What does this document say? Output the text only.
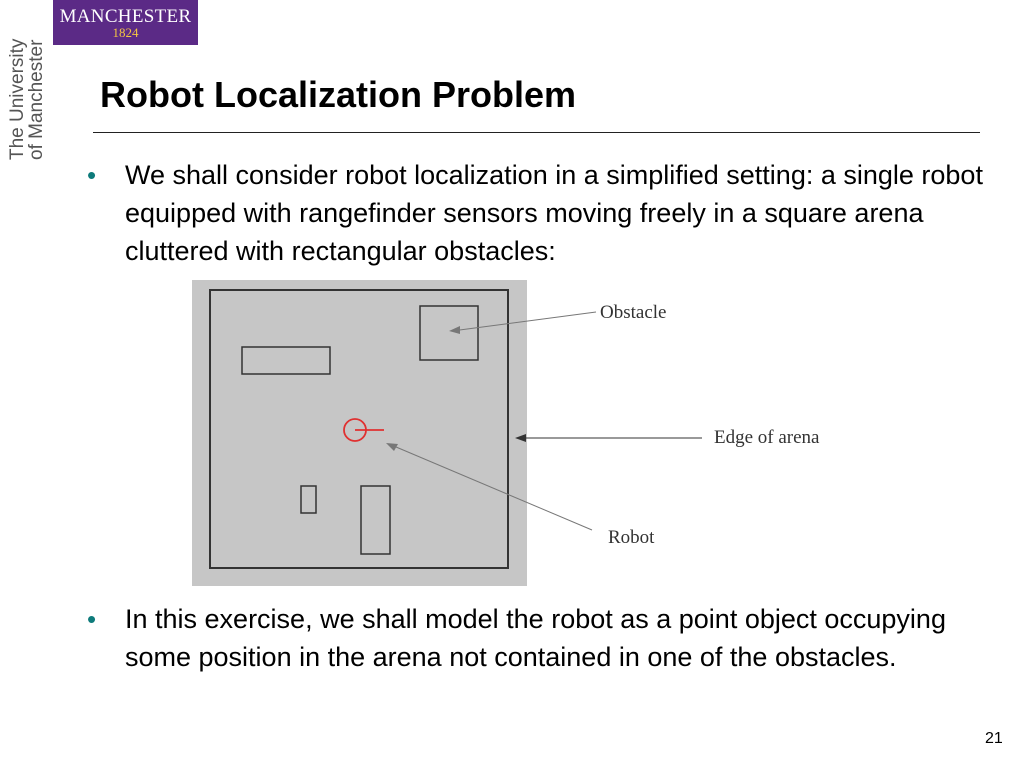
MANCHESTER
1824
The University
of Manchester Robot Localization Problem
• We shall consider robot localization in a simplified setting: a single robot equipped with rangefinder sensors moving freely in a square arena cluttered with rectangular obstacles:
Obstacle
Edge of arena
Robot
• In this exercise, we shall model the robot as a point object occupying some position in the arena not contained in one of the obstacles.
21
